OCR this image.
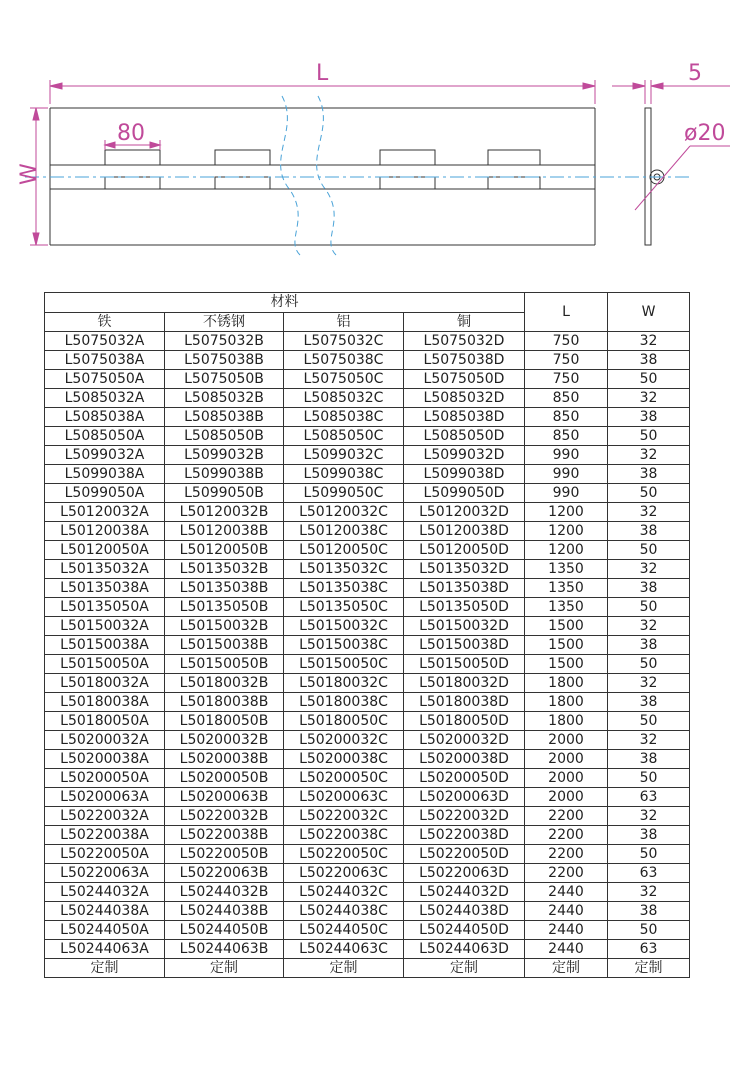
L	5
80	ø20
W
材料				L	W
铁	不锈钢	铝	铜		
L5075032A	L5075032B	L5075032C	L5075032D	750	32
L5075038A	L5075038B	L5075038C	L5075038D	750	38
L5075050A	L5075050B	L5075050C	L5075050D	750	50
L5085032A	L5085032B	L5085032C	L5085032D	850	32
L5085038A	L5085038B	L5085038C	L5085038D	850	38
L5085050A	L5085050B	L5085050C	L5085050D	850	50
L5099032A	L5099032B	L5099032C	L5099032D	990	32
L5099038A	L5099038B	L5099038C	L5099038D	990	38
L5099050A	L5099050B	L5099050C	L5099050D	990	50
L50120032A	L50120032B	L50120032C	L50120032D	1200	32
L50120038A	L50120038B	L50120038C	L50120038D	1200	38
L50120050A	L50120050B	L50120050C	L50120050D	1200	50
L50135032A	L50135032B	L50135032C	L50135032D	1350	32
L50135038A	L50135038B	L50135038C	L50135038D	1350	38
L50135050A	L50135050B	L50135050C	L50135050D	1350	50
L50150032A	L50150032B	L50150032C	L50150032D	1500	32
L50150038A	L50150038B	L50150038C	L50150038D	1500	38
L50150050A	L50150050B	L50150050C	L50150050D	1500	50
L50180032A	L50180032B	L50180032C	L50180032D	1800	32
L50180038A	L50180038B	L50180038C	L50180038D	1800	38
L50180050A	L50180050B	L50180050C	L50180050D	1800	50
L50200032A	L50200032B	L50200032C	L50200032D	2000	32
L50200038A	L50200038B	L50200038C	L50200038D	2000	38
L50200050A	L50200050B	L50200050C	L50200050D	2000	50
L50200063A	L50200063B	L50200063C	L50200063D	2000	63
L50220032A	L50220032B	L50220032C	L50220032D	2200	32
L50220038A	L50220038B	L50220038C	L50220038D	2200	38
L50220050A	L50220050B	L50220050C	L50220050D	2200	50
L50220063A	L50220063B	L50220063C	L50220063D	2200	63
L50244032A	L50244032B	L50244032C	L50244032D	2440	32
L50244038A	L50244038B	L50244038C	L50244038D	2440	38
L50244050A	L50244050B	L50244050C	L50244050D	2440	50
L50244063A	L50244063B	L50244063C	L50244063D	2440	63
定制	定制	定制	定制	定制	定制
